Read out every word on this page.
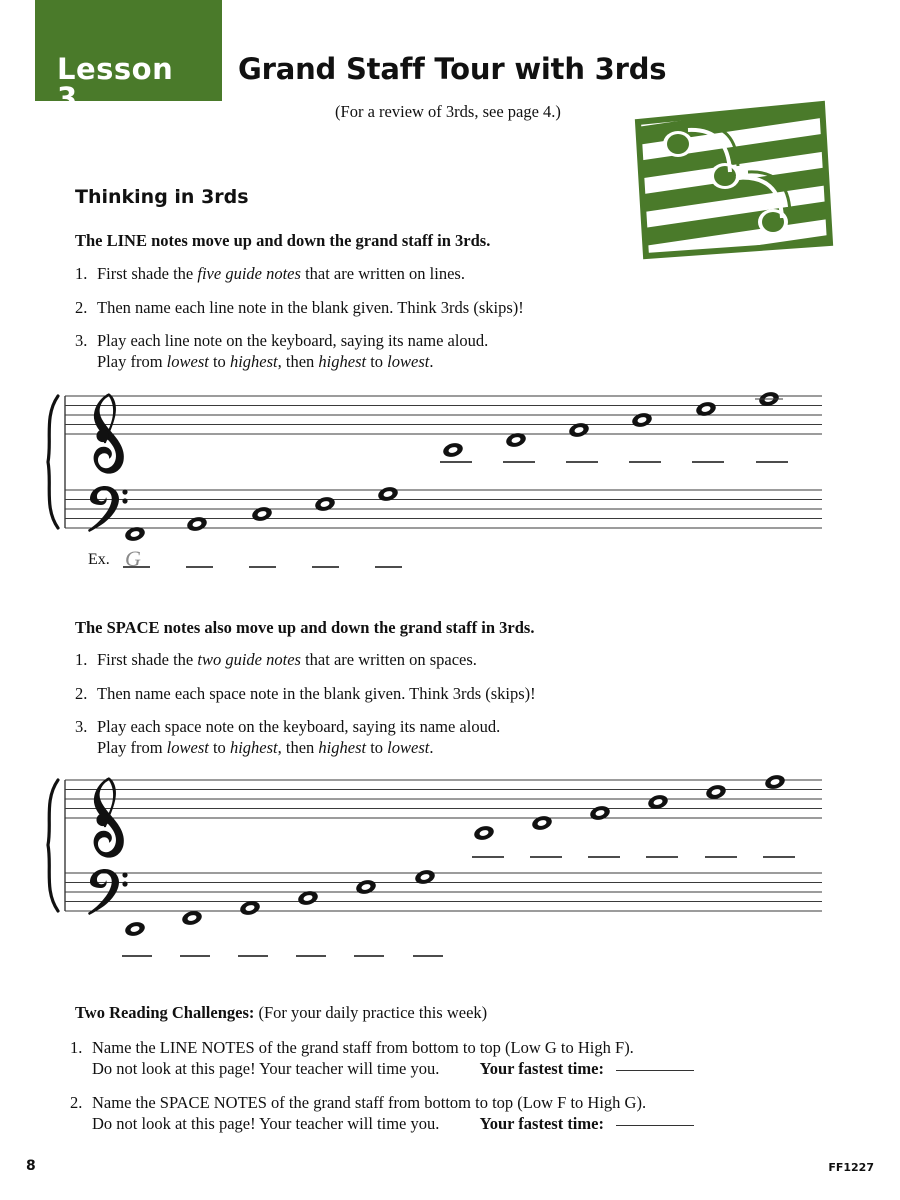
Lesson 3
Grand Staff Tour with 3rds
(For a review of 3rds, see page 4.)
Thinking in 3rds
The LINE notes move up and down the grand staff in 3rds.
1. First shade the five guide notes that are written on lines.
2. Then name each line note in the blank given. Think 3rds (skips)!
3. Play each line note on the keyboard, saying its name aloud.
Play from lowest to highest, then highest to lowest.
Ex. G
The SPACE notes also move up and down the grand staff in 3rds.
1. First shade the two guide notes that are written on spaces.
2. Then name each space note in the blank given. Think 3rds (skips)!
3. Play each space note on the keyboard, saying its name aloud.
Play from lowest to highest, then highest to lowest.
Two Reading Challenges: (For your daily practice this week)
1. Name the LINE NOTES of the grand staff from bottom to top (Low G to High F).
Do not look at this page! Your teacher will time you. Your fastest time:
2. Name the SPACE NOTES of the grand staff from bottom to top (Low F to High G).
Do not look at this page! Your teacher will time you. Your fastest time:
8	FF1227
